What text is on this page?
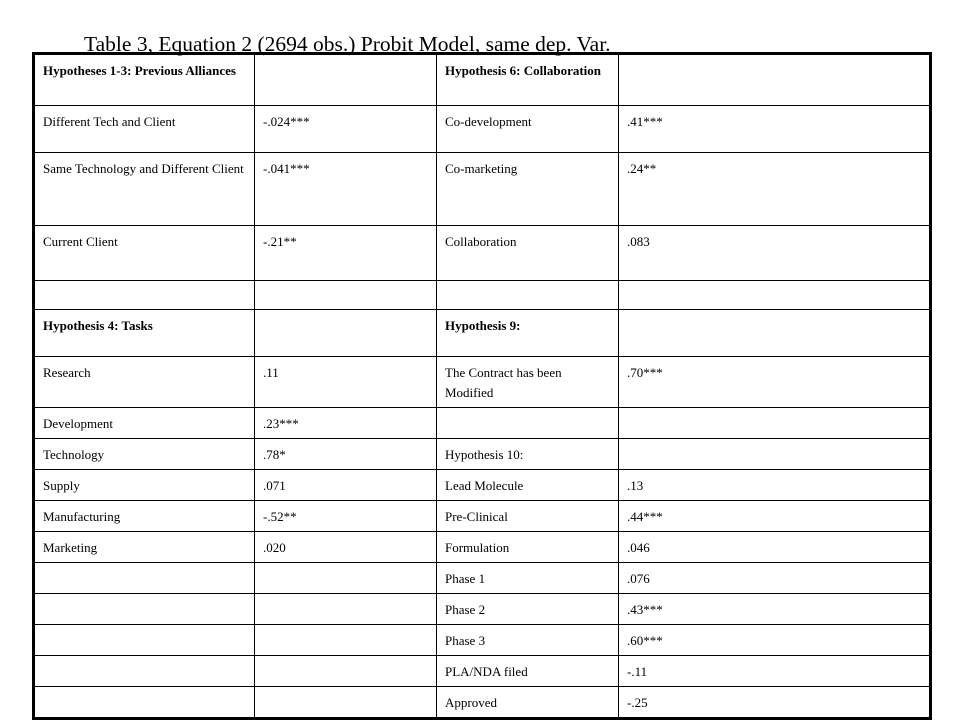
Table 3, Equation 2 (2694 obs.) Probit Model, same dep. Var.
Hypotheses 1-3: Previous Alliances		Hypothesis 6: Collaboration	
Different Tech and Client	-.024***	Co-development	.41***
Same Technology and Different Client	-.041***	Co-marketing	.24**
Current Client	-.21**	Collaboration	.083

Hypothesis 4: Tasks		Hypothesis 9:	
Research	.11	The Contract has been Modified	.70***
Development	.23***		
Technology	.78*	Hypothesis 10:	
Supply	.071	Lead Molecule	.13
Manufacturing	-.52**	Pre-Clinical	.44***
Marketing	.020	Formulation	.046
		Phase 1	.076
		Phase 2	.43***
		Phase 3	.60***
		PLA/NDA filed	-.11
		Approved	-.25
